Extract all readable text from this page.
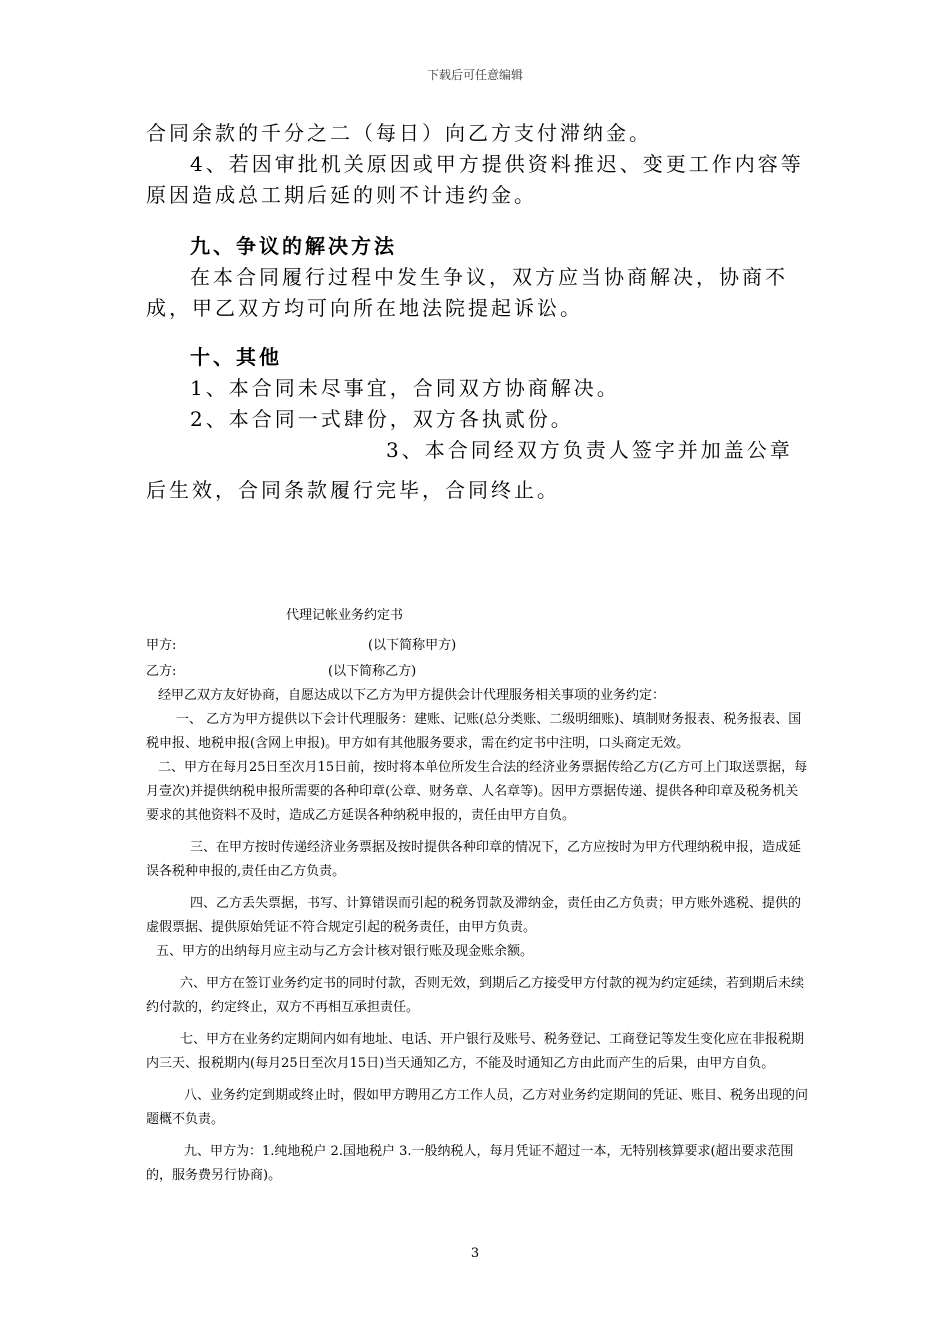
下载后可任意编辑

合同余款的千分之二（每日）向乙方支付滞纳金。

4、若因审批机关原因或甲方提供资料推迟、变更工作内容等原因造成总工期后延的则不计违约金。

九、争议的解决方法

在本合同履行过程中发生争议，双方应当协商解决，协商不成，甲乙双方均可向所在地法院提起诉讼。

十、其他

1、本合同未尽事宜，合同双方协商解决。

2、本合同一式肆份，双方各执贰份。

3、本合同经双方负责人签字并加盖公章

后生效，合同条款履行完毕，合同终止。

代理记帐业务约定书

甲方:	(以下简称甲方)
乙方:	(以下简称乙方)

经甲乙双方友好协商，自愿达成以下乙方为甲方提供会计代理服务相关事项的业务约定：

一、 乙方为甲方提供以下会计代理服务：建账、记账(总分类账、二级明细账)、填制财务报表、税务报表、国税申报、地税申报(含网上申报)。甲方如有其他服务要求，需在约定书中注明，口头商定无效。

二、甲方在每月25日至次月15日前，按时将本单位所发生合法的经济业务票据传给乙方(乙方可上门取送票据，每月壹次)并提供纳税申报所需要的各种印章(公章、财务章、人名章等)。因甲方票据传递、提供各种印章及税务机关要求的其他资料不及时，造成乙方延误各种纳税申报的，责任由甲方自负。

三、在甲方按时传递经济业务票据及按时提供各种印章的情况下，乙方应按时为甲方代理纳税申报，造成延误各税种申报的,责任由乙方负责。

四、乙方丢失票据，书写、计算错误而引起的税务罚款及滞纳金，责任由乙方负责；甲方账外逃税、提供的虚假票据、提供原始凭证不符合规定引起的税务责任，由甲方负责。

五、甲方的出纳每月应主动与乙方会计核对银行账及现金账余额。

六、甲方在签订业务约定书的同时付款，否则无效，到期后乙方接受甲方付款的视为约定延续，若到期后未续约付款的，约定终止，双方不再相互承担责任。

七、甲方在业务约定期间内如有地址、电话、开户银行及账号、税务登记、工商登记等发生变化应在非报税期内三天、报税期内(每月25日至次月15日)当天通知乙方，不能及时通知乙方由此而产生的后果，由甲方自负。

八、业务约定到期或终止时，假如甲方聘用乙方工作人员，乙方对业务约定期间的凭证、账目、税务出现的问题概不负责。

九、甲方为：1.纯地税户 2.国地税户 3.一般纳税人，每月凭证不超过一本，无特别核算要求(超出要求范围的，服务费另行协商)。

3
